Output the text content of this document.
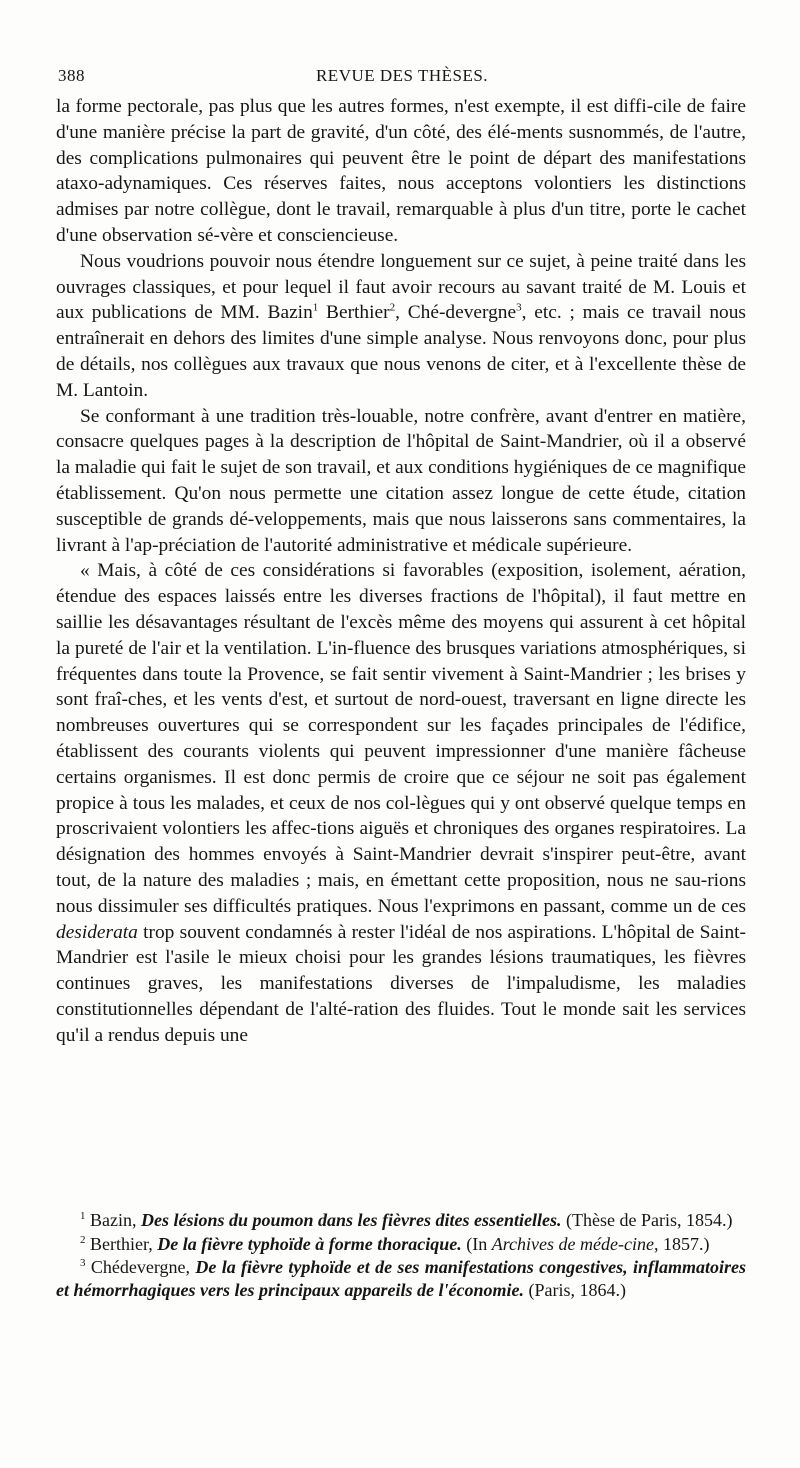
388	REVUE DES THÈSES.

la forme pectorale, pas plus que les autres formes, n'est exempte, il est diffi-cile de faire d'une manière précise la part de gravité, d'un côté, des élé-ments susnommés, de l'autre, des complications pulmonaires qui peuvent être le point de départ des manifestations ataxo-adynamiques. Ces réserves faites, nous acceptons volontiers les distinctions admises par notre collègue, dont le travail, remarquable à plus d'un titre, porte le cachet d'une observation sé-vère et consciencieuse.

Nous voudrions pouvoir nous étendre longuement sur ce sujet, à peine traité dans les ouvrages classiques, et pour lequel il faut avoir recours au savant traité de M. Louis et aux publications de MM. Bazin$^1$ Berthier$^2$, Ché-devergne$^3$, etc. ; mais ce travail nous entraînerait en dehors des limites d'une simple analyse. Nous renvoyons donc, pour plus de détails, nos collègues aux travaux que nous venons de citer, et à l'excellente thèse de M. Lantoin.

Se conformant à une tradition très-louable, notre confrère, avant d'entrer en matière, consacre quelques pages à la description de l'hôpital de Saint-Mandrier, où il a observé la maladie qui fait le sujet de son travail, et aux conditions hygiéniques de ce magnifique établissement. Qu'on nous permette une citation assez longue de cette étude, citation susceptible de grands dé-veloppements, mais que nous laisserons sans commentaires, la livrant à l'ap-préciation de l'autorité administrative et médicale supérieure.

« Mais, à côté de ces considérations si favorables (exposition, isolement, aération, étendue des espaces laissés entre les diverses fractions de l'hôpital), il faut mettre en saillie les désavantages résultant de l'excès même des moyens qui assurent à cet hôpital la pureté de l'air et la ventilation. L'in-fluence des brusques variations atmosphériques, si fréquentes dans toute la Provence, se fait sentir vivement à Saint-Mandrier ; les brises y sont fraî-ches, et les vents d'est, et surtout de nord-ouest, traversant en ligne directe les nombreuses ouvertures qui se correspondent sur les façades principales de l'édifice, établissent des courants violents qui peuvent impressionner d'une manière fâcheuse certains organismes. Il est donc permis de croire que ce séjour ne soit pas également propice à tous les malades, et ceux de nos col-lègues qui y ont observé quelque temps en proscrivaient volontiers les affec-tions aiguës et chroniques des organes respiratoires. La désignation des hommes envoyés à Saint-Mandrier devrait s'inspirer peut-être, avant tout, de la nature des maladies ; mais, en émettant cette proposition, nous ne sau-rions nous dissimuler ses difficultés pratiques. Nous l'exprimons en passant, comme un de ces desiderata trop souvent condamnés à rester l'idéal de nos aspirations. L'hôpital de Saint-Mandrier est l'asile le mieux choisi pour les grandes lésions traumatiques, les fièvres continues graves, les manifestations diverses de l'impaludisme, les maladies constitutionnelles dépendant de l'alté-ration des fluides. Tout le monde sait les services qu'il a rendus depuis une

$^1$ Bazin, Des lésions du poumon dans les fièvres dites essentielles. (Thèse de Paris, 1854.)

$^2$ Berthier, De la fièvre typhoïde à forme thoracique. (In Archives de méde-cine, 1857.)

$^3$ Chédevergne, De la fièvre typhoïde et de ses manifestations congestives, inflammatoires et hémorrhagiques vers les principaux appareils de l'économie. (Paris, 1864.)
